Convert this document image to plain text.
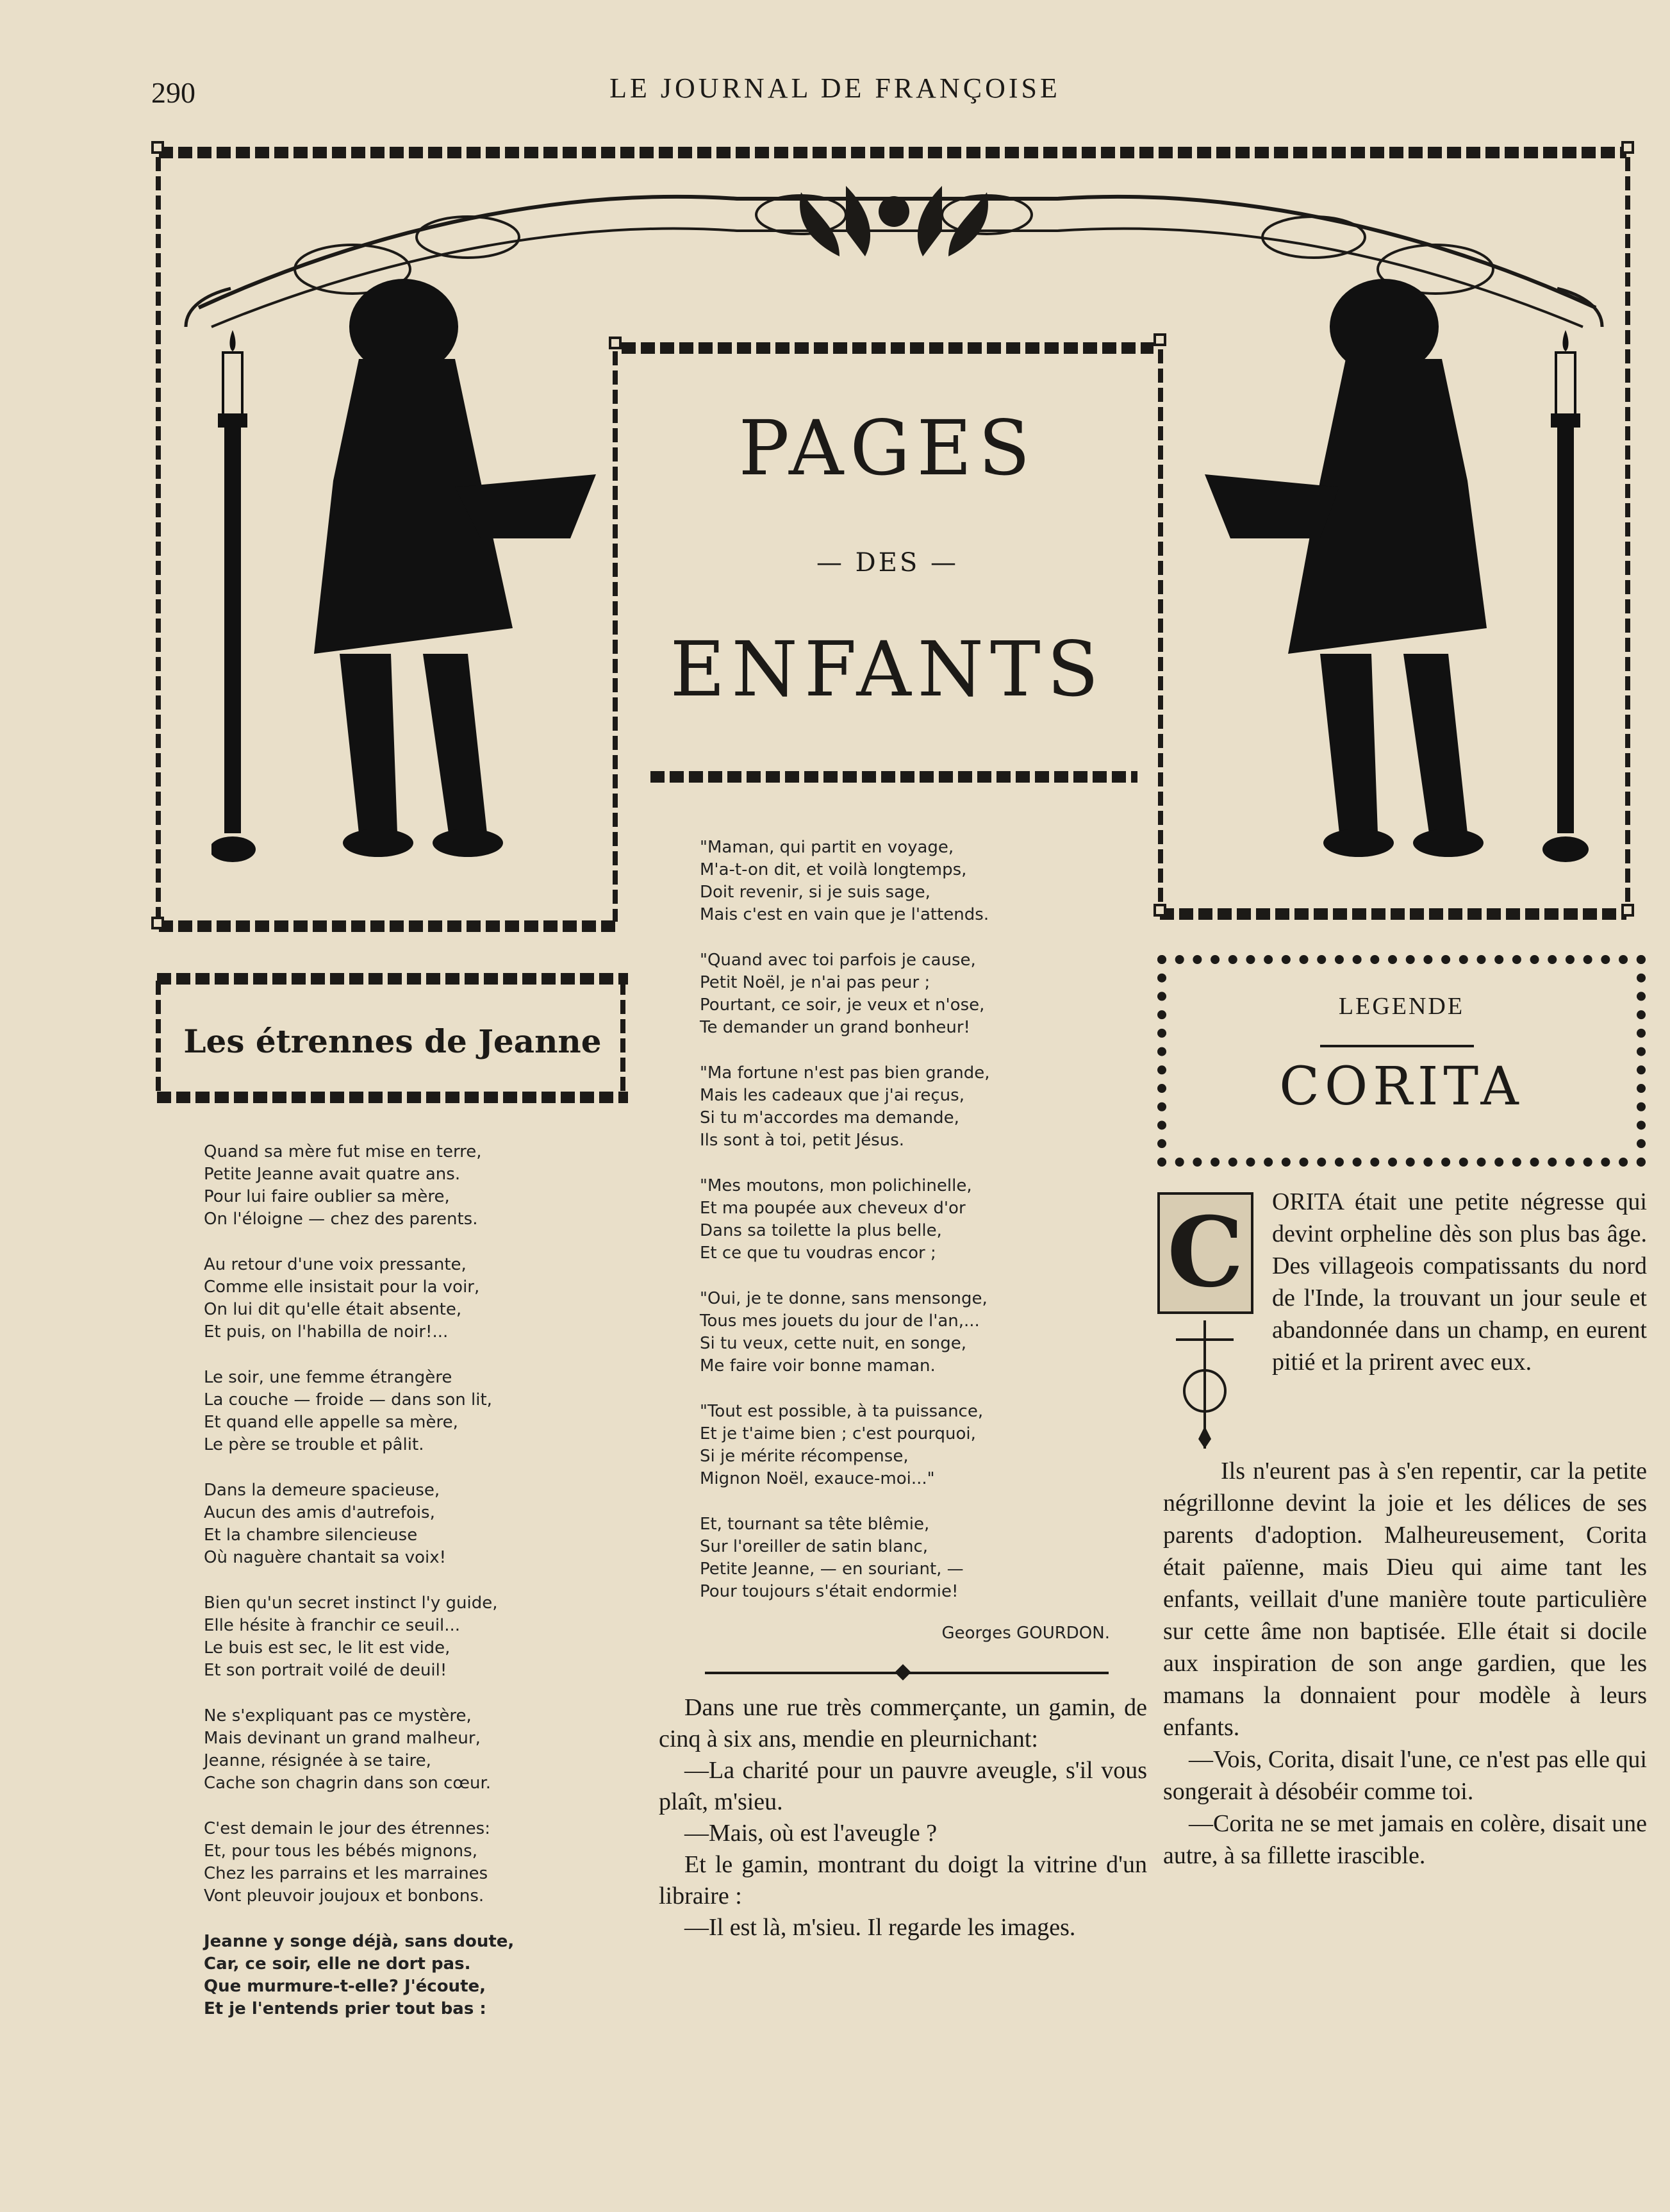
290	LE JOURNAL DE FRANÇOISE
PAGES
— DES —
ENFANTS
Les étrennes de Jeanne
Quand sa mère fut mise en terre,
Petite Jeanne avait quatre ans.
Pour lui faire oublier sa mère,
On l'éloigne — chez des parents.
Au retour d'une voix pressante,
Comme elle insistait pour la voir,
On lui dit qu'elle était absente,
Et puis, on l'habilla de noir!...
Le soir, une femme étrangère
La couche — froide — dans son lit,
Et quand elle appelle sa mère,
Le père se trouble et pâlit.
Dans la demeure spacieuse,
Aucun des amis d'autrefois,
Et la chambre silencieuse
Où naguère chantait sa voix!
Bien qu'un secret instinct l'y guide,
Elle hésite à franchir ce seuil...
Le buis est sec, le lit est vide,
Et son portrait voilé de deuil!
Ne s'expliquant pas ce mystère,
Mais devinant un grand malheur,
Jeanne, résignée à se taire,
Cache son chagrin dans son cœur.
C'est demain le jour des étrennes:
Et, pour tous les bébés mignons,
Chez les parrains et les marraines
Vont pleuvoir joujoux et bonbons.
Jeanne y songe déjà, sans doute,
Car, ce soir, elle ne dort pas.
Que murmure-t-elle? J'écoute,
Et je l'entends prier tout bas :
"Maman, qui partit en voyage,
M'a-t-on dit, et voilà longtemps,
Doit revenir, si je suis sage,
Mais c'est en vain que je l'attends.
"Quand avec toi parfois je cause,
Petit Noël, je n'ai pas peur ;
Pourtant, ce soir, je veux et n'ose,
Te demander un grand bonheur!
"Ma fortune n'est pas bien grande,
Mais les cadeaux que j'ai reçus,
Si tu m'accordes ma demande,
Ils sont à toi, petit Jésus.
"Mes moutons, mon polichinelle,
Et ma poupée aux cheveux d'or
Dans sa toilette la plus belle,
Et ce que tu voudras encor ;
"Oui, je te donne, sans mensonge,
Tous mes jouets du jour de l'an,...
Si tu veux, cette nuit, en songe,
Me faire voir bonne maman.
"Tout est possible, à ta puissance,
Et je t'aime bien ; c'est pourquoi,
Si je mérite récompense,
Mignon Noël, exauce-moi..."
Et, tournant sa tête blêmie,
Sur l'oreiller de satin blanc,
Petite Jeanne, — en souriant, —
Pour toujours s'était endormie!
Georges GOURDON.

Dans une rue très commerçante, un gamin, de cinq à six ans, mendie en pleurnichant:

—La charité pour un pauvre aveugle, s'il vous plaît, m'sieu.

—Mais, où est l'aveugle ?

Et le gamin, montrant du doigt la vitrine d'un libraire :

—Il est là, m'sieu. Il regarde les images.

LEGENDE
CORITA
C	ORITA était une petite négresse qui devint orpheline dès son plus bas âge. Des villageois compatissants du nord de l'Inde, la trouvant un jour seule et abandonnée dans un champ, en eurent pitié et la prirent avec eux.

Ils n'eurent pas à s'en repentir, car la petite négrillonne devint la joie et les délices de ses parents d'adoption. Malheureusement, Corita était païenne, mais Dieu qui aime tant les enfants, veillait d'une manière toute particulière sur cette âme non baptisée. Elle était si docile aux inspiration de son ange gardien, que les mamans la donnaient pour modèle à leurs enfants.

—Vois, Corita, disait l'une, ce n'est pas elle qui songerait à désobéir comme toi.

—Corita ne se met jamais en colère, disait une autre, à sa fillette irascible.
